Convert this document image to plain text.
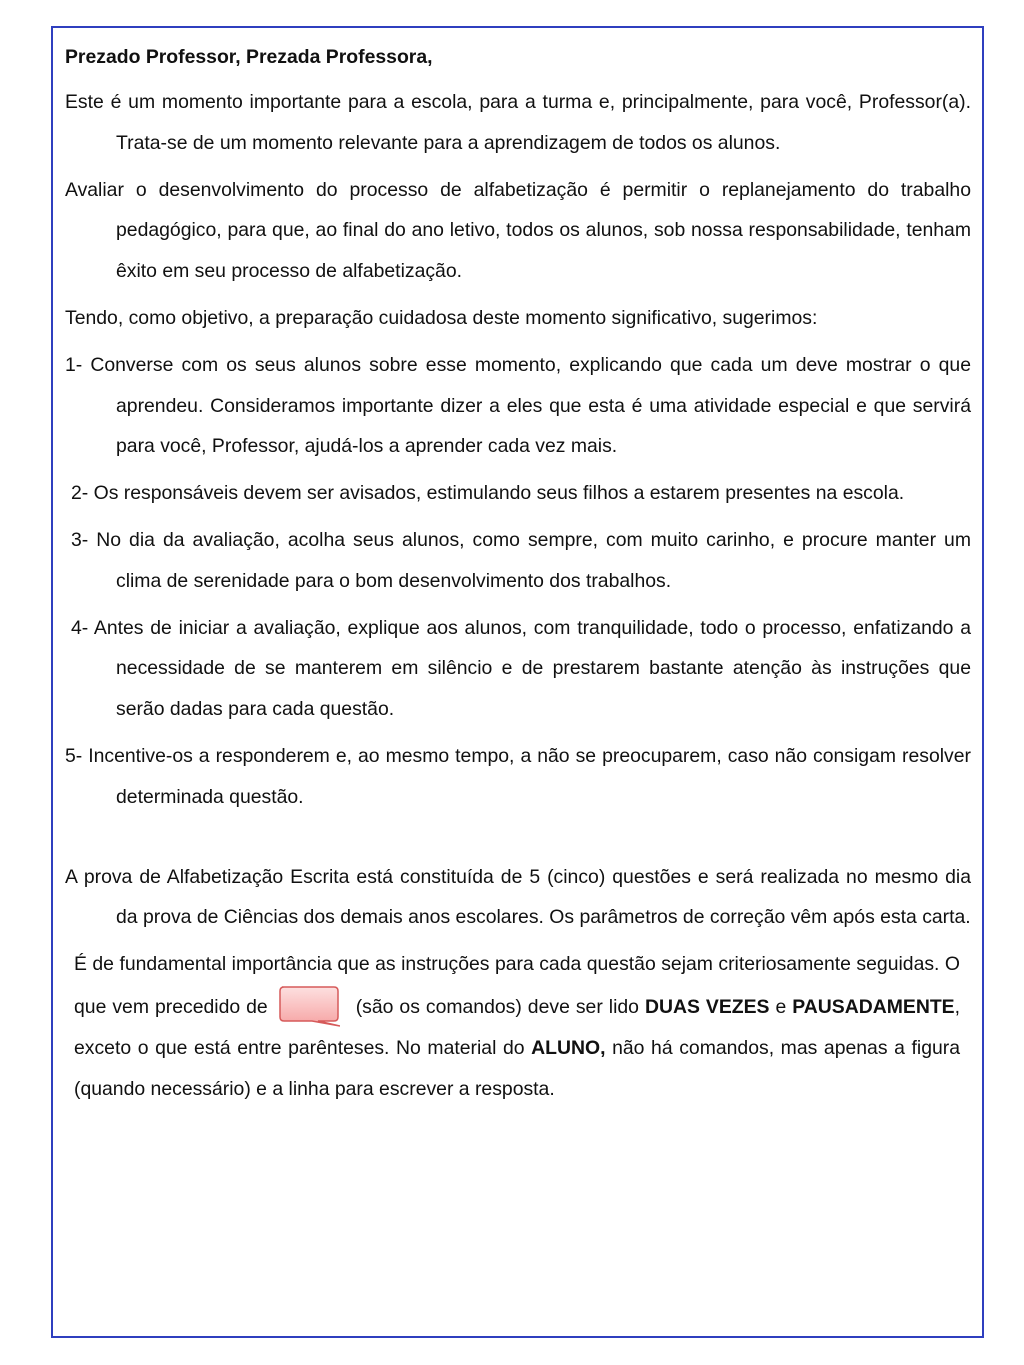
Prezado Professor, Prezada Professora,

Este é um momento importante para a escola, para a turma e, principalmente, para você, Professor(a). Trata-se de um momento relevante para a aprendizagem de todos os alunos.

Avaliar o desenvolvimento do processo de alfabetização é permitir o replanejamento do trabalho pedagógico, para que, ao final do ano letivo, todos os alunos, sob nossa responsabilidade, tenham êxito em seu processo de alfabetização.

Tendo, como objetivo, a preparação cuidadosa deste momento significativo, sugerimos:

1- Converse com os seus alunos sobre esse momento, explicando que cada um deve mostrar o que aprendeu. Consideramos importante dizer a eles que esta é uma atividade especial e que servirá para você, Professor, ajudá-los a aprender cada vez mais.

2- Os responsáveis devem ser avisados, estimulando seus filhos a estarem presentes na escola.

3- No dia da avaliação, acolha seus alunos, como sempre, com muito carinho, e procure manter um clima de serenidade para o bom desenvolvimento dos trabalhos.

4- Antes de iniciar a avaliação, explique aos alunos, com tranquilidade, todo o processo, enfatizando a necessidade de se manterem em silêncio e de prestarem bastante atenção às instruções que serão dadas para cada questão.

5- Incentive-os a responderem e, ao mesmo tempo, a não se preocuparem, caso não consigam resolver determinada questão.

A prova de Alfabetização Escrita está constituída de 5 (cinco) questões e será realizada no mesmo dia da prova de Ciências dos demais anos escolares. Os parâmetros de correção vêm após esta carta.

É de fundamental importância que as instruções para cada questão sejam criteriosamente seguidas. O que vem precedido de	(são os comandos) deve ser lido DUAS VEZES e PAUSADAMENTE, exceto o que está entre parênteses. No material do ALUNO, não há comandos, mas apenas a figura (quando necessário) e a linha para escrever a resposta.
